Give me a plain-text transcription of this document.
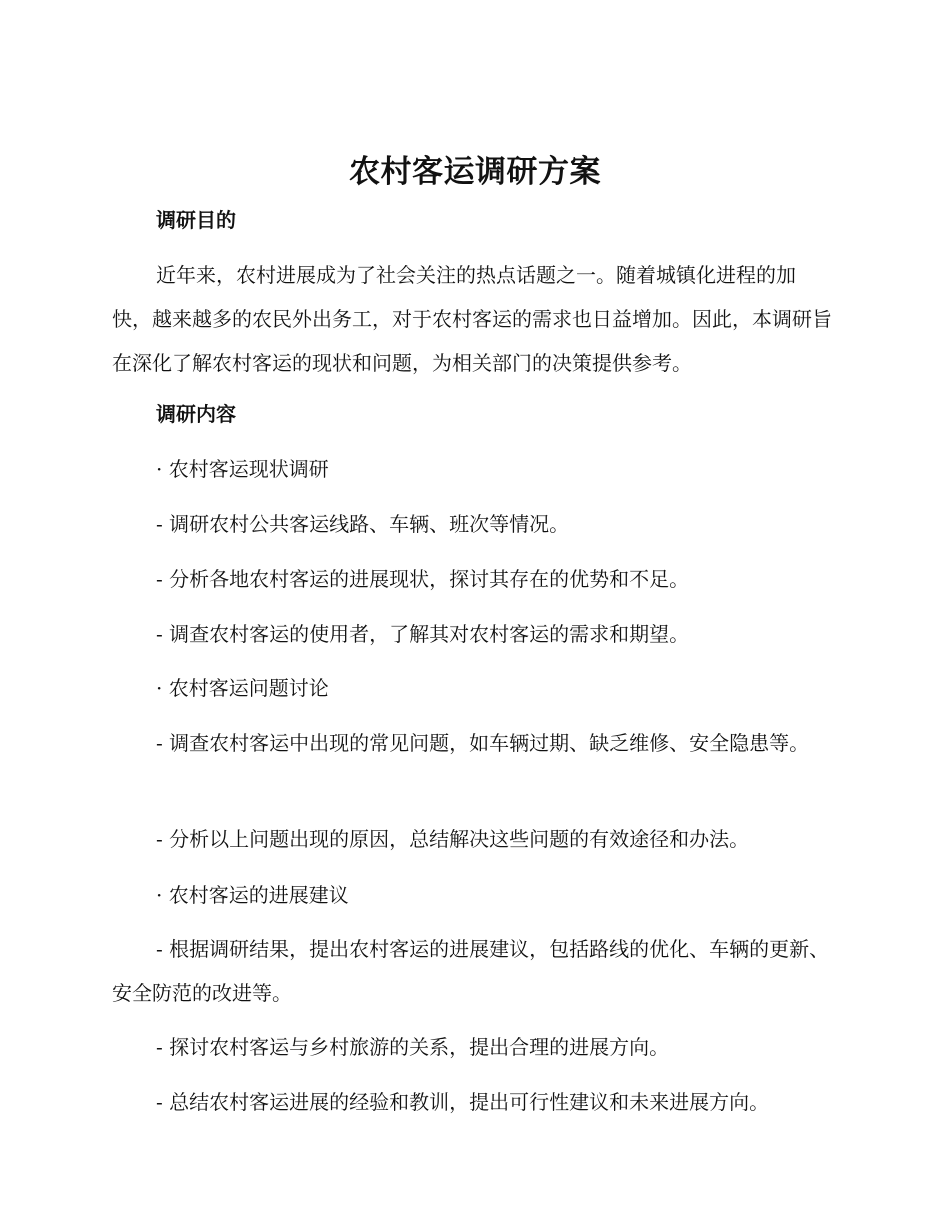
农村客运调研方案
调研目的

近年来，农村进展成为了社会关注的热点话题之一。随着城镇化进程的加快，越来越多的农民外出务工，对于农村客运的需求也日益增加。因此，本调研旨在深化了解农村客运的现状和问题，为相关部门的决策提供参考。

调研内容
· 农村客运现状调研
- 调研农村公共客运线路、车辆、班次等情况。
- 分析各地农村客运的进展现状，探讨其存在的优势和不足。
- 调查农村客运的使用者，了解其对农村客运的需求和期望。
· 农村客运问题讨论

- 调查农村客运中出现的常见问题，如车辆过期、缺乏维修、安全隐患等。

- 分析以上问题出现的原因，总结解决这些问题的有效途径和办法。
· 农村客运的进展建议

- 根据调研结果，提出农村客运的进展建议，包括路线的优化、车辆的更新、安全防范的改进等。

- 探讨农村客运与乡村旅游的关系，提出合理的进展方向。
- 总结农村客运进展的经验和教训，提出可行性建议和未来进展方向。
